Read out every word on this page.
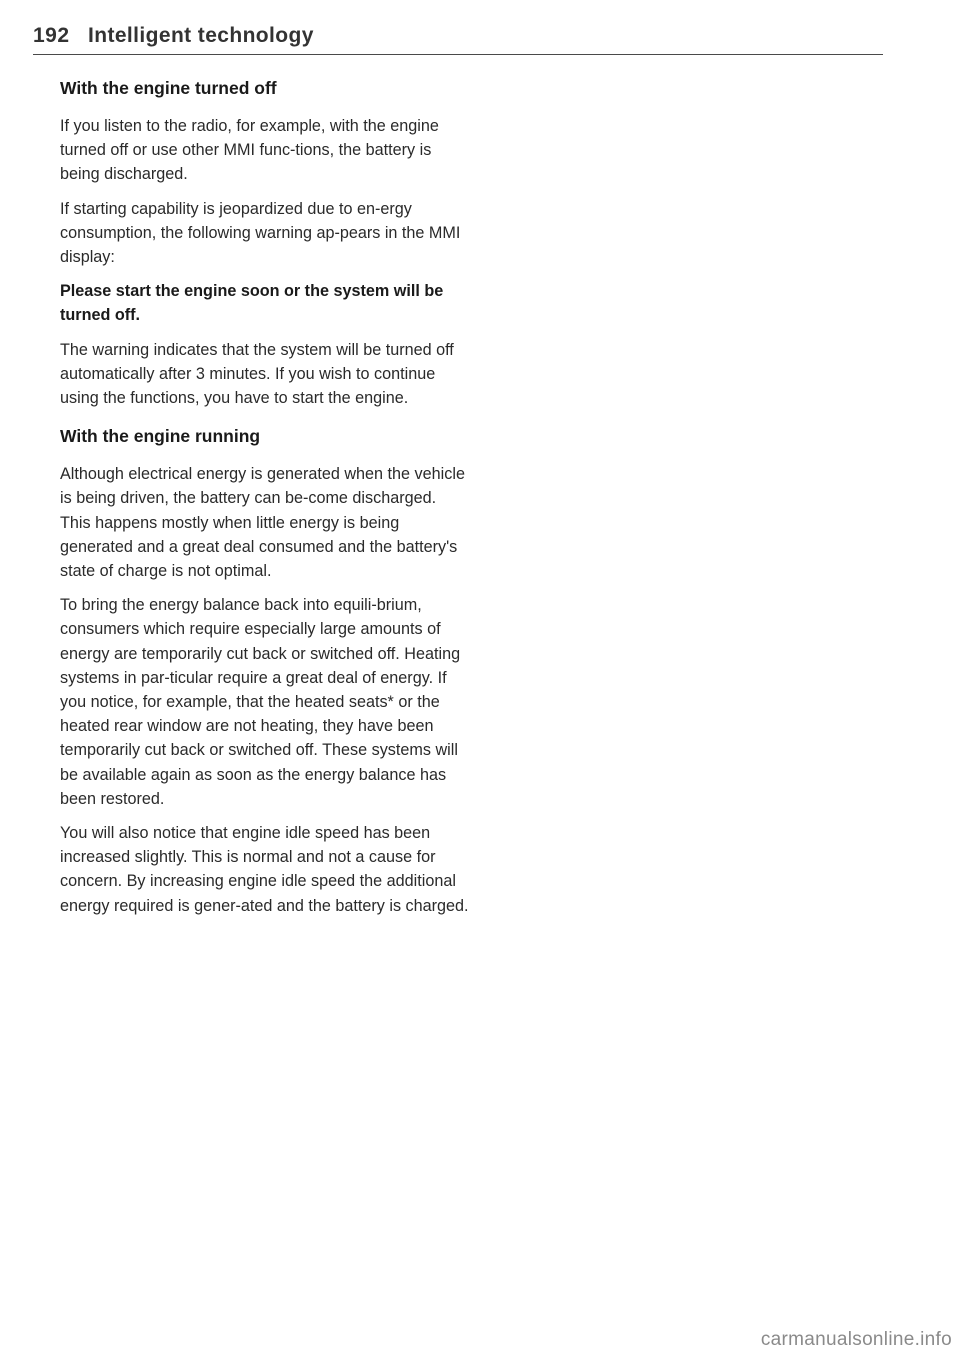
192 Intelligent technology
With the engine turned off

If you listen to the radio, for example, with the engine turned off or use other MMI func-tions, the battery is being discharged.

If starting capability is jeopardized due to en-ergy consumption, the following warning ap-pears in the MMI display:

Please start the engine soon or the system will be turned off.

The warning indicates that the system will be turned off automatically after 3 minutes. If you wish to continue using the functions, you have to start the engine.

With the engine running

Although electrical energy is generated when the vehicle is being driven, the battery can be-come discharged. This happens mostly when little energy is being generated and a great deal consumed and the battery's state of charge is not optimal.

To bring the energy balance back into equili-brium, consumers which require especially large amounts of energy are temporarily cut back or switched off. Heating systems in par-ticular require a great deal of energy. If you notice, for example, that the heated seats* or the heated rear window are not heating, they have been temporarily cut back or switched off. These systems will be available again as soon as the energy balance has been restored.

You will also notice that engine idle speed has been increased slightly. This is normal and not a cause for concern. By increasing engine idle speed the additional energy required is gener-ated and the battery is charged.

carmanualsonline.info
